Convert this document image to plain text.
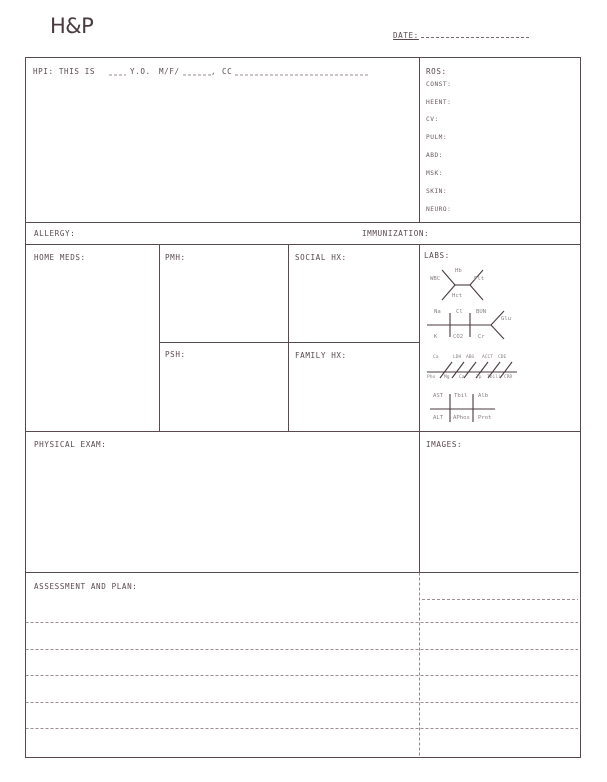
H&P	DATE:
HPI: THIS IS	Y.O. M/F/	CC
,	ROS:
CONST:
HEENT:
CV:
PULM:
ABD:
MSK:
SKIN:
NEURO:
ALLERGY:	IMMUNIZATION:
HOME MEDS:	PMH:
PSH:
SOCIAL HX:
FAMILY HX:
LABS:
Hb
WBC	Plt
Hct
Na	Cl BUN
Glu
K	CO2	Cr
Ca	LDH ABG ACCT CDE
Pho Mg Ca Tp Tbili CRR
AST Tbil Alb
ALT APhos Prot
PHYSICAL EXAM:	IMAGES:
ASSESSMENT AND PLAN:
